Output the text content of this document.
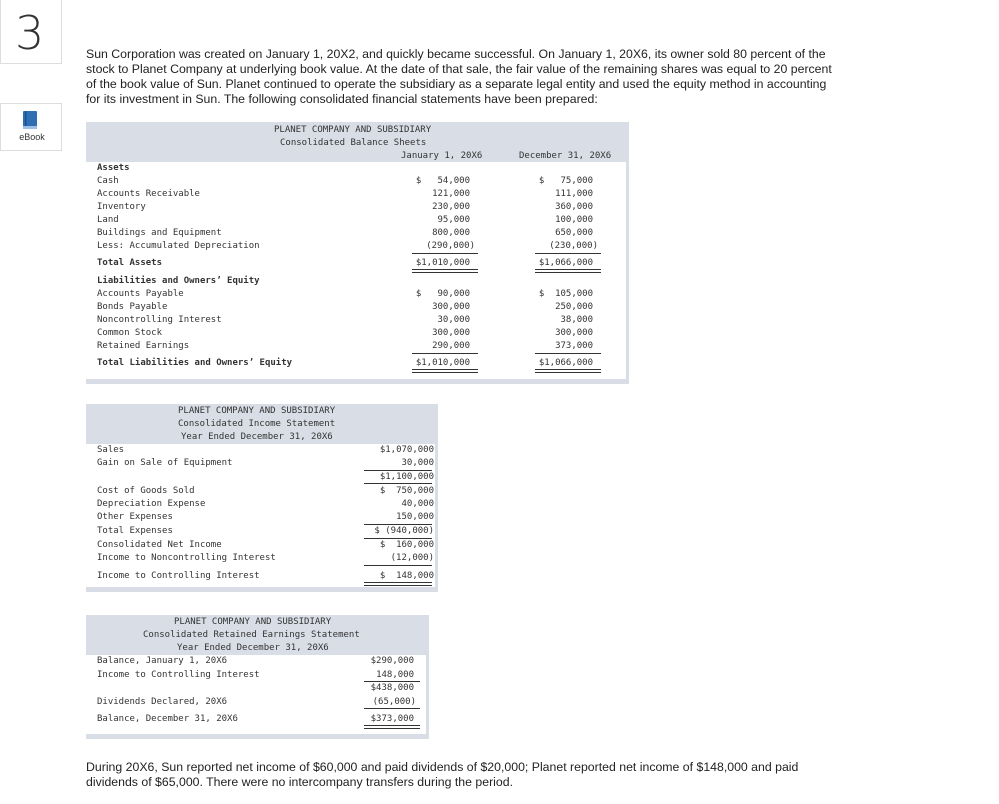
3
eBook
Sun Corporation was created on January 1, 20X2, and quickly became successful. On January 1, 20X6, its owner sold 80 percent of the stock to Planet Company at underlying book value. At the date of that sale, the fair value of the remaining shares was equal to 20 percent of the book value of Sun. Planet continued to operate the subsidiary as a separate legal entity and used the equity method in accounting for its investment in Sun. The following consolidated financial statements have been prepared:
PLANET COMPANY AND SUBSIDIARY
Consolidated Balance Sheets
January 1, 20X6	December 31, 20X6
Assets
Cash
Accounts Receivable
Inventory
Land
Buildings and Equipment
Less: Accumulated Depreciation
Total Assets
Liabilities and Owners’ Equity
Accounts Payable
Bonds Payable
Noncontrolling Interest
Common Stock
Retained Earnings
Total Liabilities and Owners’ Equity
$   54,000
121,000
230,000
95,000
800,000
(290,000)
$1,010,000
$   90,000
300,000
30,000
300,000
290,000
$1,010,000
$   75,000
111,000
360,000
100,000
650,000
(230,000)
$1,066,000
$  105,000
250,000
38,000
300,000
373,000
$1,066,000
PLANET COMPANY AND SUBSIDIARY
Consolidated Income Statement
Year Ended December 31, 20X6
Sales
Gain on Sale of Equipment
Cost of Goods Sold
Depreciation Expense
Other Expenses
Total Expenses
Consolidated Net Income
Income to Noncontrolling Interest
Income to Controlling Interest
$1,070,000
30,000
$1,100,000
$  750,000
40,000
150,000
$ (940,000)
$  160,000
(12,000)
$  148,000
PLANET COMPANY AND SUBSIDIARY
Consolidated Retained Earnings Statement
Year Ended December 31, 20X6
Balance, January 1, 20X6
Income to Controlling Interest
Dividends Declared, 20X6
Balance, December 31, 20X6
$290,000
148,000
$438,000
(65,000)
$373,000
During 20X6, Sun reported net income of $60,000 and paid dividends of $20,000; Planet reported net income of $148,000 and paid dividends of $65,000. There were no intercompany transfers during the period.
